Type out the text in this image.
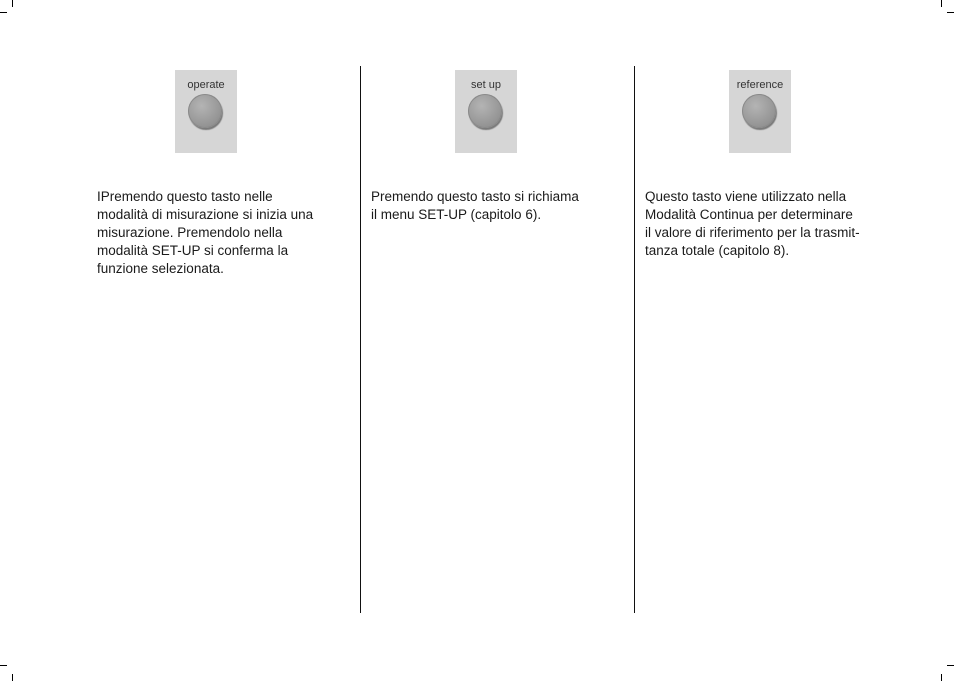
operate

IPremendo questo tasto nelle
modalità di misurazione si inizia una
misurazione. Premendolo nella
modalità SET-UP si conferma la
funzione selezionata.

set up

Premendo questo tasto si richiama
il menu SET-UP (capitolo 6).

reference

Questo tasto viene utilizzato nella
Modalità Continua per determinare
il valore di riferimento per la trasmit-
tanza totale (capitolo 8).
